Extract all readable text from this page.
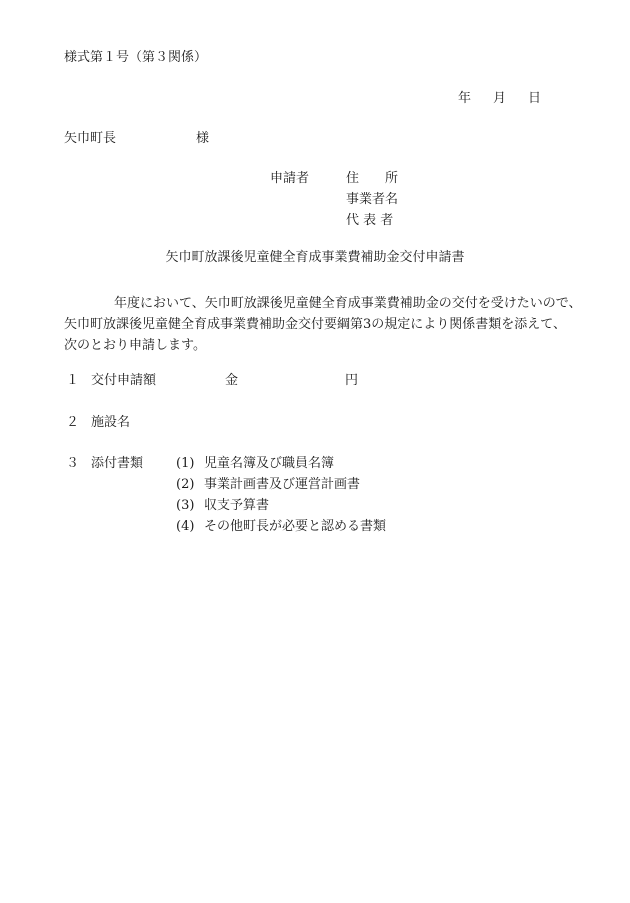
様式第１号（第３関係）
年 月 日
矢巾町長	様
申請者	住 所
事業者名
代 表 者
矢巾町放課後児童健全育成事業費補助金交付申請書
年度において、矢巾町放課後児童健全育成事業費補助金の交付を受けたいので、
矢巾町放課後児童健全育成事業費補助金交付要綱第3の規定により関係書類を添えて、
次のとおり申請します。
１ 交付申請額	金	円
２ 施設名
３ 添付書類	(1) 児童名簿及び職員名簿
(2) 事業計画書及び運営計画書
(3) 収支予算書
(4) その他町長が必要と認める書類
